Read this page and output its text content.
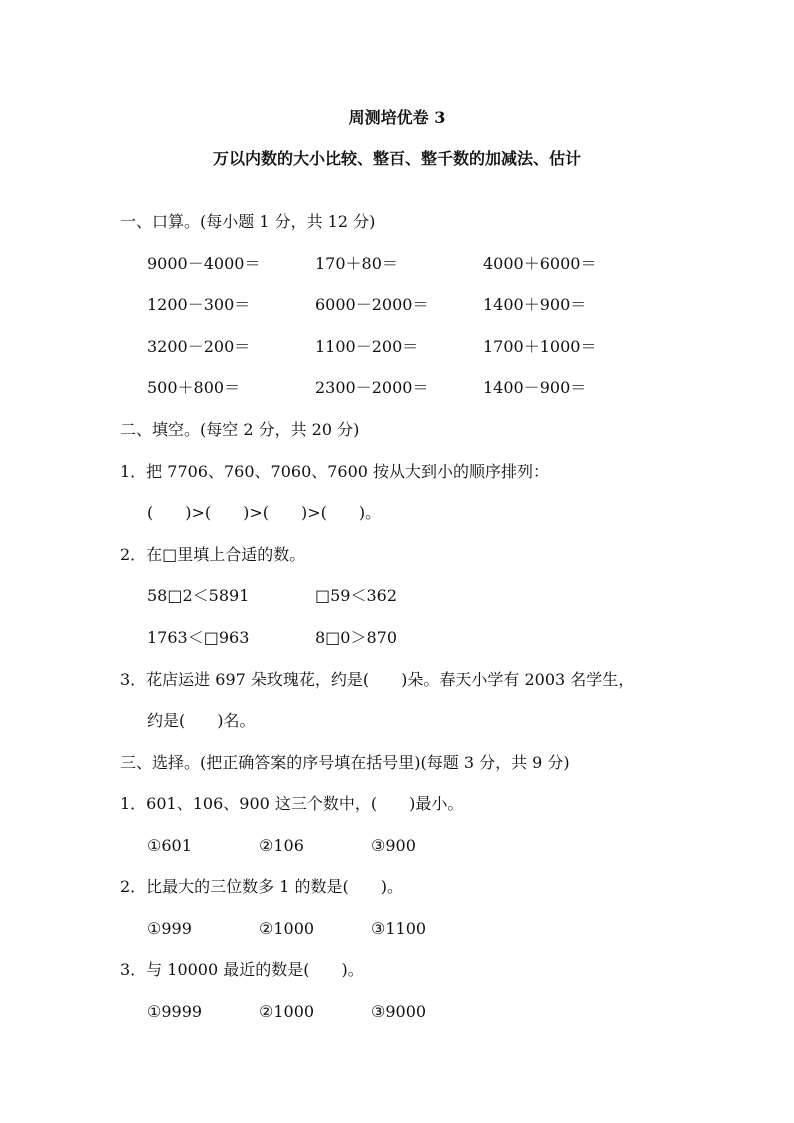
周测培优卷 3
万以内数的大小比较、整百、整千数的加减法、估计
一、口算。(每小题 1 分，共 12 分)
9000－4000＝	170＋80＝	4000＋6000＝
1200－300＝	6000－2000＝	1400＋900＝
3200－200＝	1100－200＝	1700＋1000＝
500＋800＝	2300－2000＝	1400－900＝
二、填空。(每空 2 分，共 20 分)
1．把 7706、760、7060、7600 按从大到小的顺序排列：
(　　)>(　　)>(　　)>(　　)。
2．在□里填上合适的数。
58□2＜5891	□59＜362
1763＜□963	8□0＞870
3．花店运进 697 朵玫瑰花，约是(　　)朵。春天小学有 2003 名学生，
约是(　　)名。
三、选择。(把正确答案的序号填在括号里)(每题 3 分，共 9 分)
1．601、106、900 这三个数中，(　　)最小。
①601	②106	③900
2．比最大的三位数多 1 的数是(　　)。
①999	②1000	③1100
3．与 10000 最近的数是(　　)。
①9999	②1000	③9000
